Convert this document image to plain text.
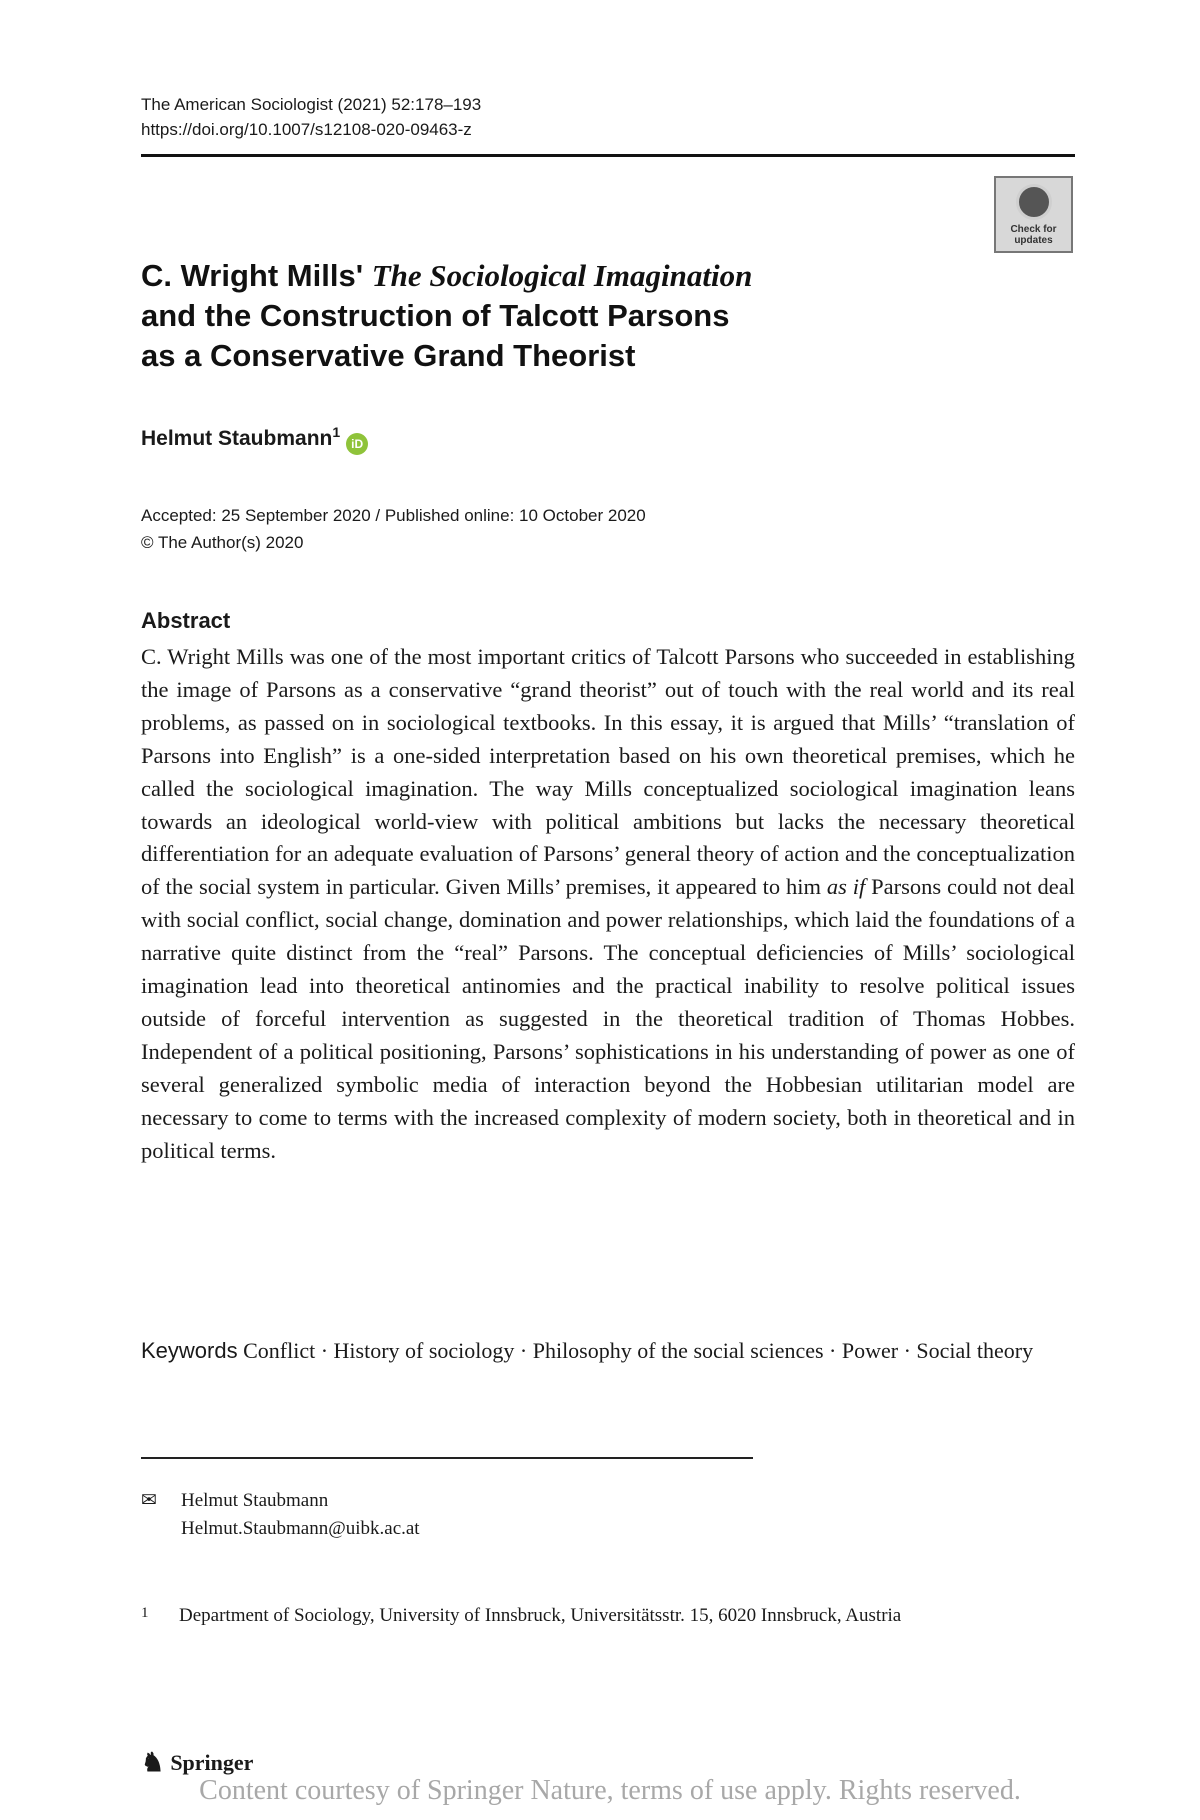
The American Sociologist (2021) 52:178–193
https://doi.org/10.1007/s12108-020-09463-z
Check for updates
C. Wright Mills' The Sociological Imagination
and the Construction of Talcott Parsons
as a Conservative Grand Theorist
Helmut Staubmann$^1$iD
Accepted: 25 September 2020 / Published online: 10 October 2020
© The Author(s) 2020
Abstract

C. Wright Mills was one of the most important critics of Talcott Parsons who succeeded in establishing the image of Parsons as a conservative “grand theorist” out of touch with the real world and its real problems, as passed on in sociological textbooks. In this essay, it is argued that Mills’ “translation of Parsons into English” is a one-sided interpretation based on his own theoretical premises, which he called the sociological imagination. The way Mills conceptualized sociological imagination leans towards an ideological world-view with political ambitions but lacks the necessary theoretical differentiation for an adequate evaluation of Parsons’ general theory of action and the conceptualization of the social system in particular. Given Mills’ premises, it appeared to him as if Parsons could not deal with social conflict, social change, domination and power relationships, which laid the foundations of a narrative quite distinct from the “real” Parsons. The conceptual deficiencies of Mills’ sociological imagination lead into theoretical antinomies and the practical inability to resolve political issues outside of forceful intervention as suggested in the theoretical tradition of Thomas Hobbes. Independent of a political positioning, Parsons’ sophistications in his understanding of power as one of several generalized symbolic media of interaction beyond the Hobbesian utilitarian model are necessary to come to terms with the increased complexity of modern society, both in theoretical and in political terms.

Keywords Conflict · History of sociology · Philosophy of the social sciences · Power · Social theory
✉	Helmut Staubmann
Helmut.Staubmann@uibk.ac.at
1	Department of Sociology, University of Innsbruck, Universitätsstr. 15, 6020 Innsbruck, Austria
♞ Springer
Content courtesy of Springer Nature, terms of use apply. Rights reserved.
